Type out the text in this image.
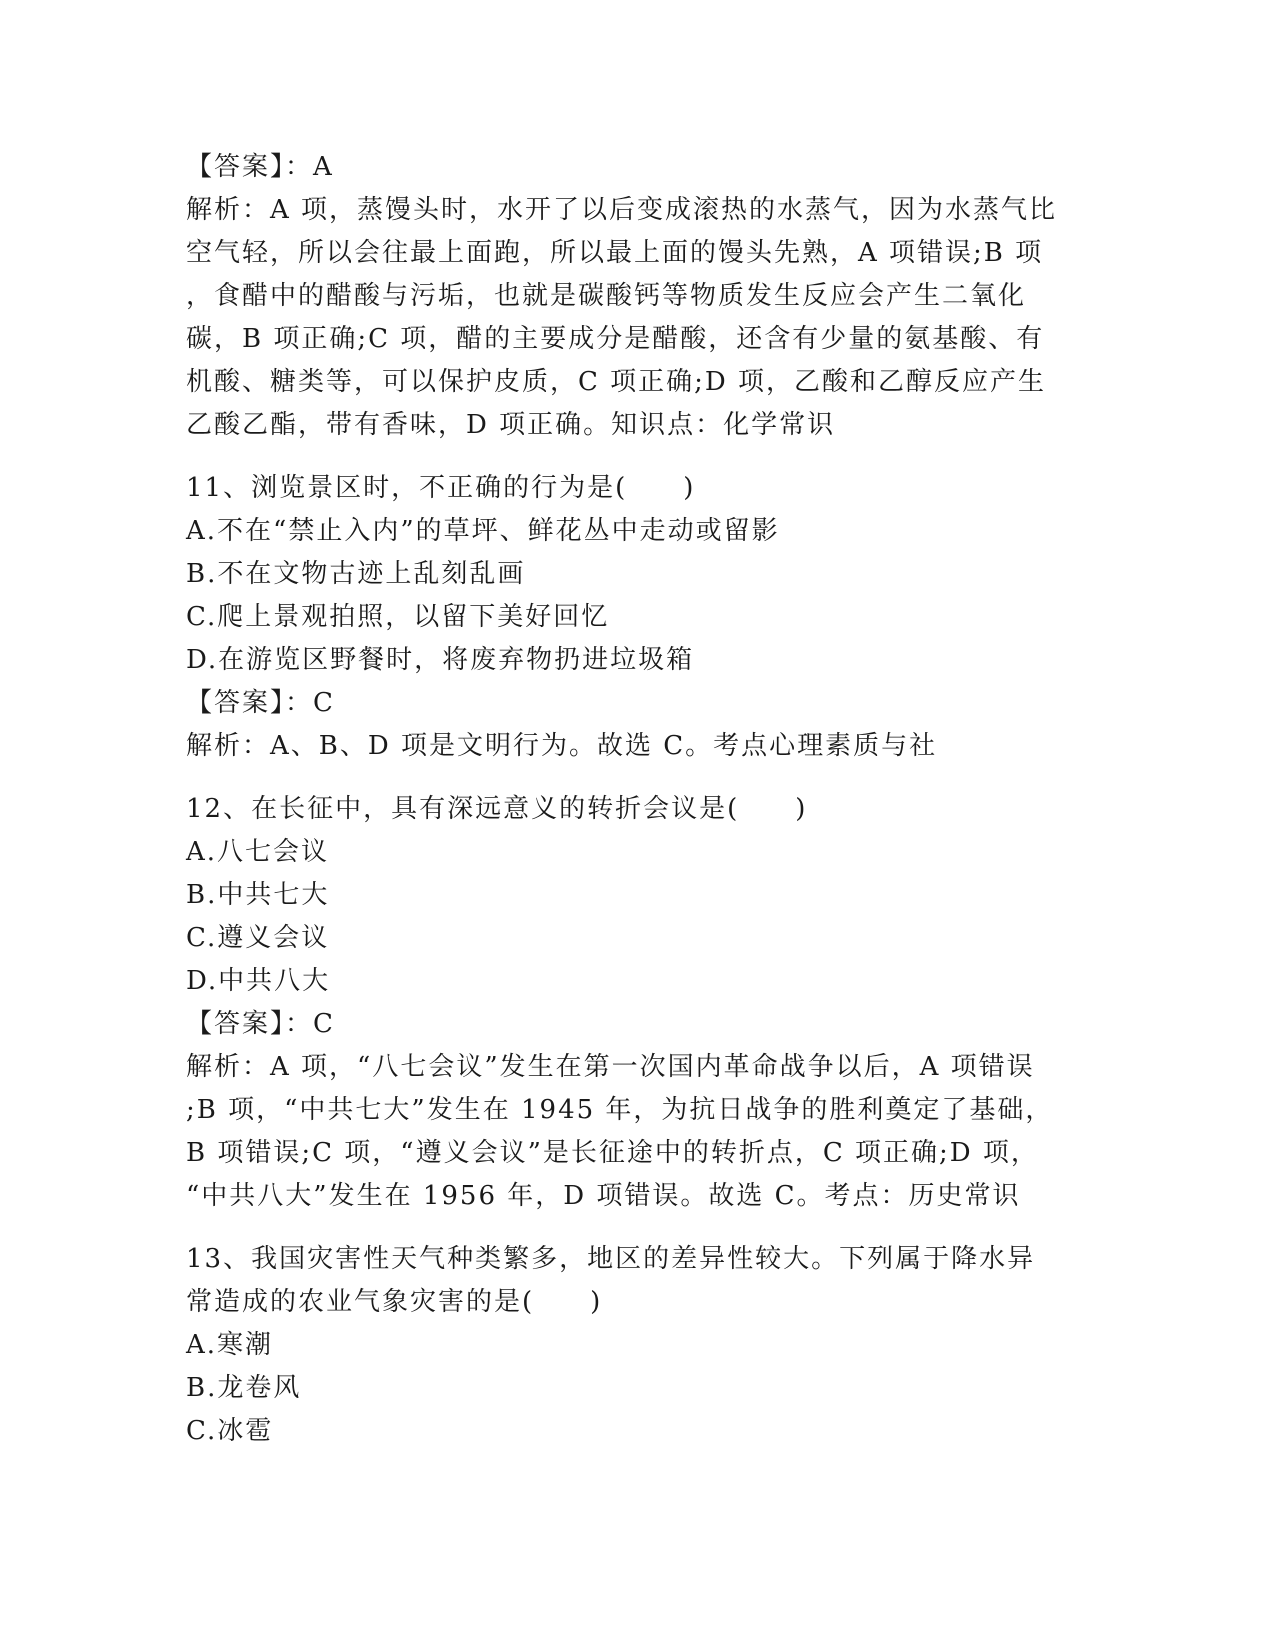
【答案】：A
解析：A 项，蒸馒头时，水开了以后变成滚热的水蒸气，因为水蒸气比
空气轻，所以会往最上面跑，所以最上面的馒头先熟，A 项错误;B 项
，食醋中的醋酸与污垢，也就是碳酸钙等物质发生反应会产生二氧化
碳，B 项正确;C 项，醋的主要成分是醋酸，还含有少量的氨基酸、有
机酸、糖类等，可以保护皮质，C 项正确;D 项，乙酸和乙醇反应产生
乙酸乙酯，带有香味，D 项正确。知识点：化学常识
11、浏览景区时，不正确的行为是(　　)
A.不在“禁止入内”的草坪、鲜花丛中走动或留影
B.不在文物古迹上乱刻乱画
C.爬上景观拍照，以留下美好回忆
D.在游览区野餐时，将废弃物扔进垃圾箱
【答案】：C
解析：A、B、D 项是文明行为。故选 C。考点心理素质与社
12、在长征中，具有深远意义的转折会议是(　　)
A.八七会议
B.中共七大
C.遵义会议
D.中共八大
【答案】：C
解析：A 项，“八七会议”发生在第一次国内革命战争以后，A 项错误
;B 项，“中共七大”发生在 1945 年，为抗日战争的胜利奠定了基础，
B 项错误;C 项，“遵义会议”是长征途中的转折点，C 项正确;D 项，
“中共八大”发生在 1956 年，D 项错误。故选 C。考点：历史常识
13、我国灾害性天气种类繁多，地区的差异性较大。下列属于降水异
常造成的农业气象灾害的是(　　)
A.寒潮
B.龙卷风
C.冰雹
